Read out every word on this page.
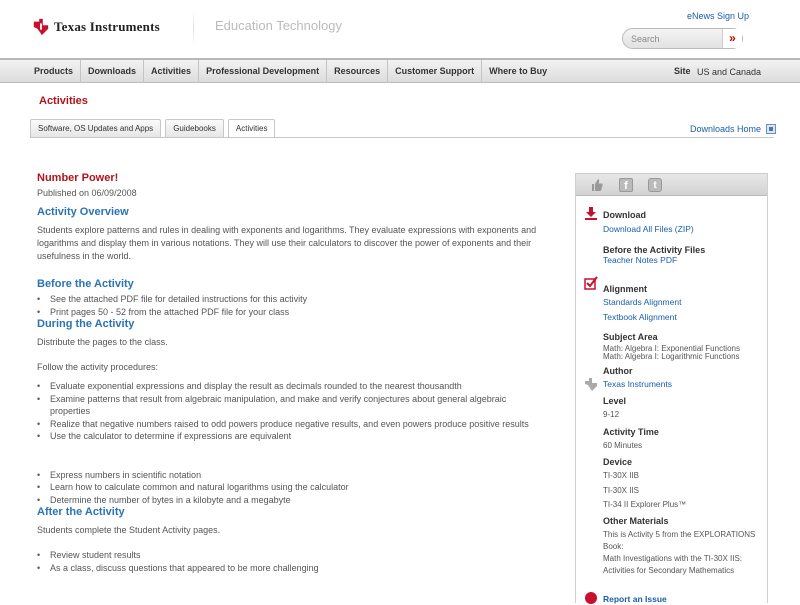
Texas Instruments	Education Technology
eNews Sign Up
Search
»
Products	Downloads	Activities	Professional Development	Resources	Customer Support	Where to Buy	Site US and Canada
Activities
Software, OS Updates and Apps	Guidebooks	Activities	Downloads Home
Number Power!
Published on 06/09/2008
Activity Overview

Students explore patterns and rules in dealing with exponents and logarithms. They evaluate expressions with exponents and logarithms and display them in various notations. They will use their calculators to discover the power of exponents and their usefulness in the world.

Before the Activity
• See the attached PDF file for detailed instructions for this activity
• Print pages 50 - 52 from the attached PDF file for your class
During the Activity

Distribute the pages to the class.

Follow the activity procedures:

• Evaluate exponential expressions and display the result as decimals rounded to the nearest thousandth
• Examine patterns that result from algebraic manipulation, and make and verify conjectures about general algebraic properties
• Realize that negative numbers raised to odd powers produce negative results, and even powers produce positive results
• Use the calculator to determine if expressions are equivalent
• Express numbers in scientific notation
• Learn how to calculate common and natural logarithms using the calculator
• Determine the number of bytes in a kilobyte and a megabyte
After the Activity

Students complete the Student Activity pages.

• Review student results
• As a class, discuss questions that appeared to be more challenging
f	t
Download
Download All Files (ZIP)
Before the Activity Files
Teacher Notes PDF
Alignment
Standards Alignment
Textbook Alignment
Subject Area
Math: Algebra I: Exponential Functions
Math: Algebra I: Logarithmic Functions
Author
Texas Instruments
Level
9-12
Activity Time
60 Minutes
Device
TI-30X IIB
TI-30X IIS
TI-34 II Explorer Plus™
Other Materials
This is Activity 5 from the EXPLORATIONS Book:
Math Investigations with the TI-30X IIS: Activities for Secondary Mathematics
Report an Issue
